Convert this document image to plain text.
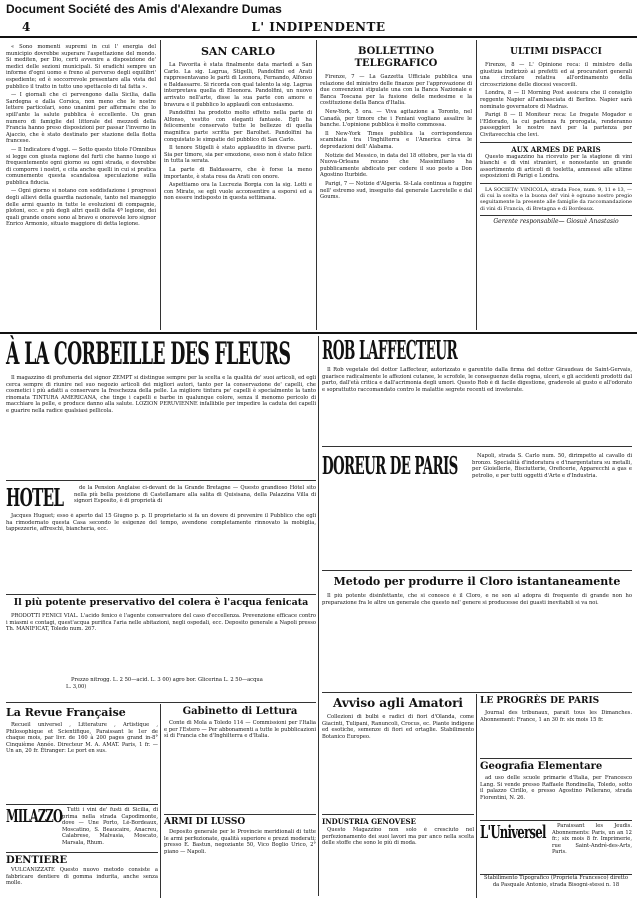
Document Société des Amis d'Alexandre Dumas
4	L' INDIPENDENTE

« Sono momenti supremi in cui l' energia del municipio dovrebbe superare l'aspettazione del mondo. Si mediten, per Dio, certi avvenire a disposizione de' medici delle sezioni municipali. Si eradichi sempre un informe d'ogni uomo e freno al perverso degli equilibri' espediente; ed è soccorrevole presentare alla vista del pubblico il tratto in tutto uno spettacolo di tal fatta ».

— I giornali che ci pervengono dalla Sicilia, dalla Sardegna e dalla Corsica, non meno che le nostre lettere particolari, sono unanimi per affermare che lo spill'ante la salute pubblica è eccellente. Un gran numero di famiglie del littorale del mezzodì della Francia hanno preso disposizioni per passar l'inverno in Ajaccio, che è stato destinato per stazione della flotta francese.

— Il Indicatore d'oggi. — Sotto questo titolo l'Omnibus si legge con giusta ragione del furti che hanno luogo si frequentemente ogni giorno su ogni strada, e dovrebbe di comporre i nostri, e cita anche quelli in cui si pratica comunemente questa scandalosa speculazione sulla pubblica fiducia.

— Ogni giorno si notano con soddisfazione i progressi degli allievi della guardia nazionale, tanto nel maneggio delle armi quanto in tutte le evoluzioni di compagnie, plotoni, ecc. e più degli altri quelli della 4ª legione, dei quali grande onore sono al bravo e onorevole loro signor Enrico Armonio, situato maggiore di detta legione.

SAN CARLO

La Favorita è stata finalmente data martedì a San Carlo. La sig. Lagrua, Stigelli, Pandolfini ed Arati rappresentavano le parti di Leonora, Fernando, Alfonso e Baldassarre. Si ricorda con qual talento la sig. Lagrua interpretava quella di Eleonora. Pandolfini, un nuovo arrivato nell'arte, disse la sua parte con amore e bravura e il pubblico lo applaudì con entusiasmo.

Pandolfini ha prodotto molto effetto nella parte di Alfonso, vestito con eleganti fantasie. Egli ha felicemente conservato tutte le bellezze di quella magnifica parte scritta per Barolhet. Pandolfini ha conquistato le simpatie del pubblico di San Carlo.

Il tenore Stigelli è stato applaudito in diverse parti. Sia per timore, sia per emozione, esso non è stato felice in tutta la serata.

La parte di Baldassarre, che è forse la meno importante, è stata resa da Arati con onore.

Aspettiamo ora la Lucrezia Borgia con la sig. Lotti e con Mirate, se egli vuole acconsentire a esporsi ed a non essere indisposto in questa settimana.

BOLLETTINO TELEGRAFICO

Firenze, 7 — La Gazzetta Ufficiale pubblica una relazione del ministro delle finanze per l'approvazione di due convenzioni stipulate una con la Banca Nazionale e Banca Toscana per la fusione delle medesime e la costituzione della Banca d'Italia.

New-York, 5 ora. — Viva agitazione a Toronto, nel Canadà, per timore che i Feniani vogliano assalire le banche. L'opinione pubblica è molto commossa.

Il New-York Times pubblica la corrispondenza scambiata tra l'Inghilterra e l'America circa le depredazioni dell' Alabama.

Notizie del Messico, in data del 18 ottobre, per la via di Nuova-Orleans recano che Massimiliano ha pubblicamente abdicato per cedere il suo posto a Don Agostino Iturbide.

Parigi, 7 — Notizie d'Algeria. Si-Lala continua a fuggire nell' estremo sud, inseguito dal generale Lacretelle e dal Goums.

ULTIMI DISPACCI

Firenze, 8 — L' Opinione reca: il ministro della giustizia indirizzò ai prefetti ed ai procuratori generali una circolare relativa all'ordinamento della circoscrizione delle diocesi vescovili.

Londra, 8 — Il Morning Post assicura che il consiglio reggente Napier all'ambasciata di Berlino. Napier sarà nominato governatore di Madras.

Parigi 8 — Il Moniteur reca: Le fregate Mogador e l'Eldorado, la cui partenza fu prorogata, renderanno passeggieri le nostre navi per la partenza per Civitavecchia che levi.

AUX ARMES DE PARIS

Questo magazzino ha ricevuto per la stagione di vini bianchi e di vini stranieri, e nonostante un grande assortimento di articoli di toeletta, ammessi alle ultime esposizioni di Parigi e Londra.

LA SOCIETA' VINICOLA, strada Foce, num. 9, 11 e 13, — di cui la scelta e la buona del' vini è ognuno nostro pregio seguitamente la presente alle famiglie da raccomandazione di vini di Francia, di Bretagna e di Bordeaux.

Gerente responsabile— Giosuè Anastasio
À LA CORBEILLE DES FLEURS

Il magazzino di profumeria del signor ZEMPT si distingue sempre per la scelta e la qualità de' suoi articoli, ed egli cerca sempre di riunire nel suo negozio articoli dei migliori autori, tanto per la conservazione de' capelli, che cosmetici i più adatti a conservare la freschezza della pelle. La migliore tintura pe' capelli è specialmente la tanto rinomata TINTURA AMERICANA, che tinge i capelli e barbe in qualunque colore, senza il menomo pericolo di macchiare la pelle, e produce danno alla salute. LOZION PERUVIENNE infallibile per impedire la caduta dei capelli e guarire nella radice qualsiasi pellicola.

ROB LAFFECTEUR

Il Rob vegetale del dottor Laffecteur, autorizzato e garentito dalla firma del dottor Giraudeau de Saint-Gervais, guarisce radicalmente le affezioni cutanee, le scrofole, le conseguenze della rogna, ulceri, e gli accidenti prodotti dal parto, dall'età critica e dall'acrimonia degli umori. Questo Rob è di facile digestione, gradevole al gusto e all'odorato e soprattutto raccomandato contro le malattie segrete recenti ed inveterate.

HOTEL	de la Pension Anglaise ci-devant de la Grande Bretagne — Questo grandioso Hôtel sito nella più bella posizione di Castellamare alla salita di Quisisana, della Palazzina Villa di signori Esposito, è di proprietà di

Jacques Huguet; esso è aperto dal 15 Giugno p. p. Il proprietario si fa un dovere di prevenire il Pubblico che egli ha rimodernato questa Casa secondo le esigenze del tempo, avendone completamente rinnovato la mobiglia, tappezzerie, affreschi, biancheria, ecc.

DOREUR DE PARIS	Napoli, strada S. Carlo num. 50, dirimpetto al cavallo di bronzo. Specialità d'indoratura e d'inargentatura su metalli, per Gioiellerie, Bisciutterie, Oreficerie, Apparecchi a gas e petrolio, e per tutti oggetti d'Arte e d'Industria.

Il più potente preservativo del colera è l'acqua fenicata

PRODOTTI FENICI VIAL. L'acido fenico è l'agente conservatore del caso d'eccellenza. Prevenzione efficace contro i miasmi e contagi, quest'acqua purifica l'aria nelle abitazioni, negli ospedali, ecc. Deposito generale a Napoli presso Th. MANIFICAT, Toledo num. 267.

Prezzo nitrogg. L. 2 50—acid. L. 3 00) agro bor. Glicerina L. 2 50—acqua L. 3,00)

Metodo per produrre il Cloro istantaneamente

Il più potente disinfettante, che si conosce è il Cloro, e ne son al adopra di frequente di grande non ho preparazione fra le altre un generale che questo nel' genere si producesse dei guasti inevitabili si va noi.

La Revue Française

Recueil universel , Litterature , Artistique , Philosophique et Scientifique, Paraissant le 1er de chaque mois, par livr. de 160 à 200 pages grand in-8° Cinquième Année. Directeur M. A. AMAT. Paris, 1 fr. — Un an, 20 fr. Étranger: Le port en sus.

MILAZZO Tutti i vini de' fusti di Sicilia, di prima nella strada Capodimonte, dove — Une Porto, Lé-Bordeaux, Moscatino, S. Beaucaire, Anacreu, Calabrese, Malvasia, Moscato, Marsala, Rhum.

DENTIERE

VULCANIZZATE Questo nuovo metodo consiste a fabbricare dentiere di gomma indurita, anche senza molle.

Gabinetto di Lettura

Conte di Mola a Toledo 114 — Commissioni per l'Italia e per l'Estero — Per abbonamenti a tutte le pubblicazioni sì di Francia che d'Inghilterra e d'Italia.

ARMI DI LUSSO

Deposito generale per le Provincie meridionali di tutte le armi perfezionate, qualità superiore e prezzi moderati; presso E. Bastun, negoziante 50, Vico Boglio Urico, 2° piano — Napoli.

Avviso agli Amatori

Collezioni di bulbi e radici di fiori d'Olanda, come Giacinti, Tulipani, Ranuncoli, Crocus, ec. Piante indigene ed esotiche, semenze di fiori ed ortaglie. Stabilimento Botanico Europeo.

INDUSTRIA GENOVESE

Questo Magazzino non solo è cresciuto nel perfezionamento dei suoi lavori ma pur anco nella scelta delle stoffe che sono le più di moda.

LE PROGRÈS DE PARIS

Journal des tribunaux, paraît tous les Dimanches. Abonnement: France, 1 an 30 fr. six mois 15 fr.

Geografia Elementare

ad uso delle scuole primarie d'Italia, per Francesco Lang. Si vende presso Raffaele Rondinella, Toledo, sotto il palazzo Cirillo, e presso Agostino Pellerano, strada Fiorentini, N. 26.

L'Universel	Paraissant les Jeudis. Abonnements: Paris, un an 12 fr.; six mois 8 fr. Imprimerie, rue Saint-André-des-Arts, Paris.

Stabilimento Tipografico (Proprietà Francesco) diretto da Pasquale Antonio, strada Bisogni-stessi n. 18
